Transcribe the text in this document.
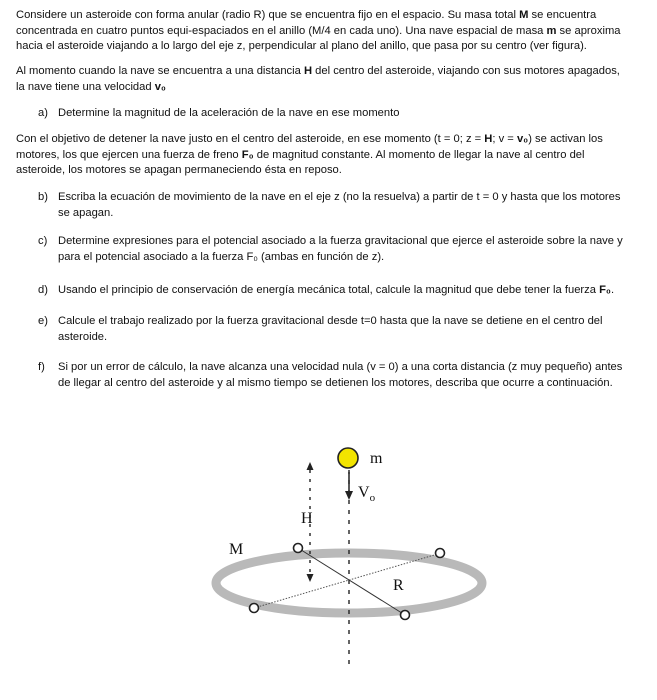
Considere un asteroide con forma anular (radio R) que se encuentra fijo en el espacio. Su masa total M se encuentra concentrada en cuatro puntos equi-espaciados en el anillo (M/4 en cada uno). Una nave espacial de masa m se aproxima hacia el asteroide viajando a lo largo del eje z, perpendicular al plano del anillo, que pasa por su centro (ver figura).
Al momento cuando la nave se encuentra a una distancia H del centro del asteroide, viajando con sus motores apagados, la nave tiene una velocidad v₀
a) Determine la magnitud de la aceleración de la nave en ese momento
Con el objetivo de detener la nave justo en el centro del asteroide, en ese momento (t = 0; z = H; v = v₀) se activan los motores, los que ejercen una fuerza de freno F₀ de magnitud constante. Al momento de llegar la nave al centro del asteroide, los motores se apagan permaneciendo ésta en reposo.
b) Escriba la ecuación de movimiento de la nave en el eje z (no la resuelva) a partir de t = 0 y hasta que los motores se apagan.
c) Determine expresiones para el potencial asociado a la fuerza gravitacional que ejerce el asteroide sobre la nave y para el potencial asociado a la fuerza F₀ (ambas en función de z).
d) Usando el principio de conservación de energía mecánica total, calcule la magnitud que debe tener la fuerza F₀.
e) Calcule el trabajo realizado por la fuerza gravitacional desde t=0 hasta que la nave se detiene en el centro del asteroide.
f) Si por un error de cálculo, la nave alcanza una velocidad nula (v = 0) a una corta distancia (z muy pequeño) antes de llegar al centro del asteroide y al mismo tiempo se detienen los motores, describa que ocurre a continuación.
m
$V_o$
H
M
R
